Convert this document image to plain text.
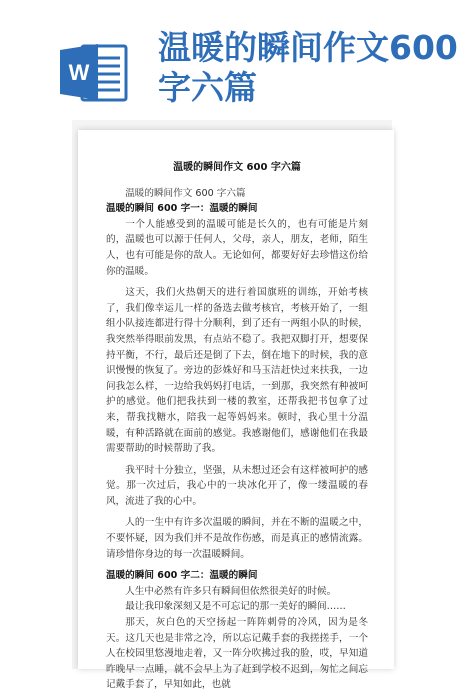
W
温暖的瞬间作文600字六篇
温暖的瞬间作文 600 字六篇
温暖的瞬间作文 600 字六篇
温暖的瞬间 600 字一：温暖的瞬间

一个人能感受到的温暖可能是长久的，也有可能是片刻的，温暖也可以源于任何人，父母，亲人，朋友，老师，陌生人，也有可能是你的敌人。无论如何，都要好好去珍惜这份给你的温暖。

这天，我们火热朝天的进行着国旗班的训练，开始考核了，我们像幸运儿一样的备选去做考核官，考核开始了，一组组小队接连都进行得十分顺利，到了还有一两组小队的时候，我突然举得眼前发黑，有点站不稳了。我把双脚打开，想要保持平衡，不行，最后还是倒了下去，倒在地下的时候，我的意识慢慢的恢复了。旁边的彭姝好和马玉洁赶快过来扶我，一边问我怎么样，一边给我妈妈打电话，一到那，我突然有种被呵护的感觉。他们把我扶到一楼的教室，还帮我把书包拿了过来，帮我找糖水，陪我一起等妈妈来。顿时，我心里十分温暖，有种活路就在面前的感觉。我感谢他们，感谢他们在我最需要帮助的时候帮助了我。

我平时十分独立，坚强，从未想过还会有这样被呵护的感觉。那一次过后，我心中的一块冰化开了，像一缕温暖的春风，流进了我的心中。

人的一生中有许多次温暖的瞬间，并在不断的温暖之中，不要怀疑，因为我们并不是故作伤感，而是真正的感情流露。请珍惜你身边的每一次温暖瞬间。

温暖的瞬间 600 字二：温暖的瞬间

人生中必然有许多只有瞬间但依然很美好的时候。

最让我印象深刻又是不可忘记的那一美好的瞬间……

那天，灰白色的天空扬起一阵阵刺骨的冷风，因为是冬天。这几天也是非常之冷，所以忘记戴手套的我搓搓手，一个人在校园里悠漫地走着，又一阵分吹拂过我的脸，哎，早知道昨晚早一点睡，就不会早上为了赶到学校不迟到，匆忙之间忘记戴手套了，早知如此，也就
